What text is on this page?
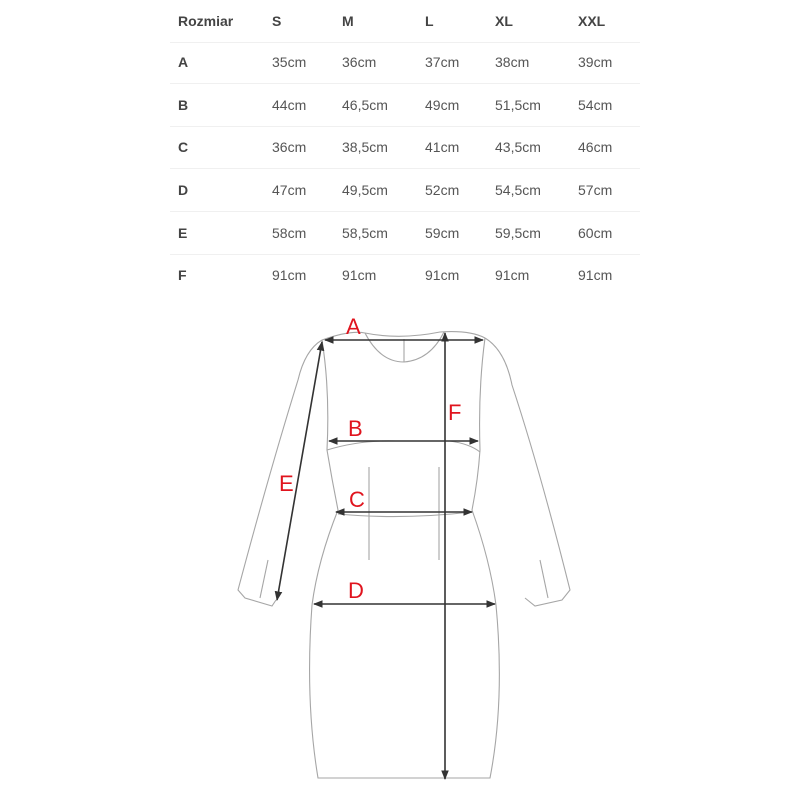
Rozmiar	S	M	L	XL	XXL
A	35cm	36cm	37cm	38cm	39cm
B	44cm	46,5cm	49cm	51,5cm	54cm
C	36cm	38,5cm	41cm	43,5cm	46cm
D	47cm	49,5cm	52cm	54,5cm	57cm
E	58cm	58,5cm	59cm	59,5cm	60cm
F	91cm	91cm	91cm	91cm	91cm
A
B
C
D
E
F
